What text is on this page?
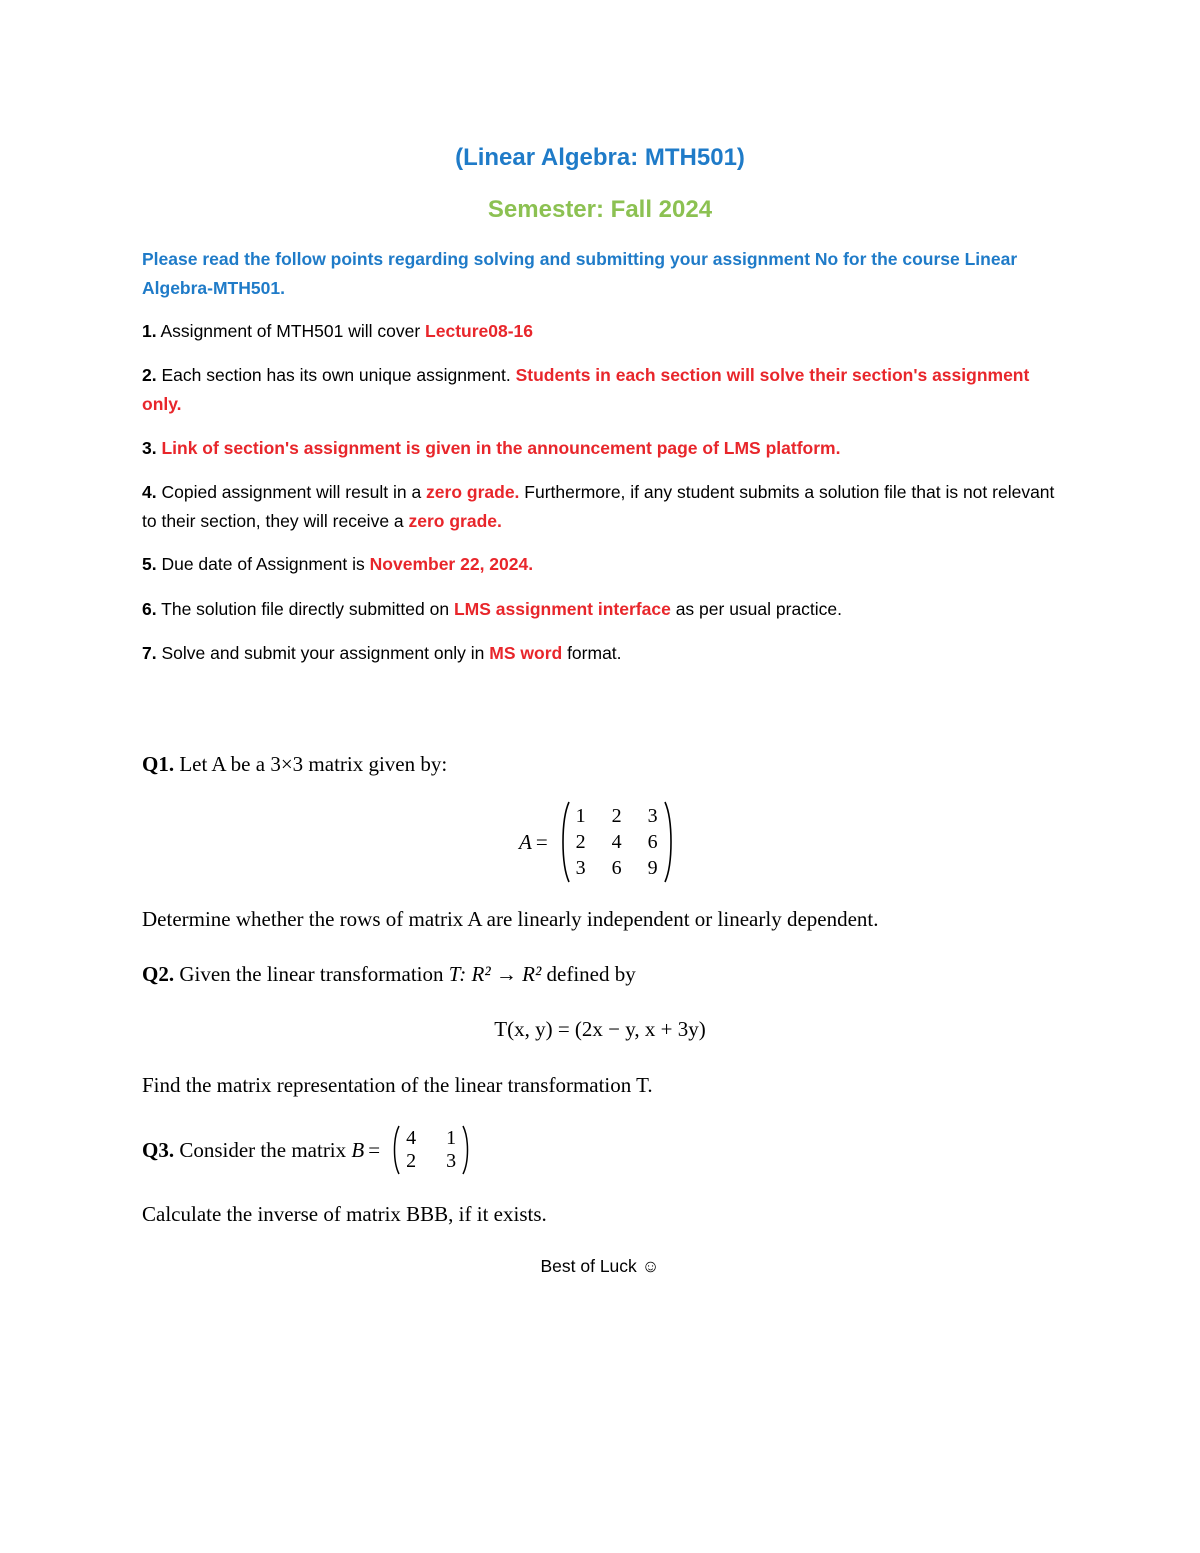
(Linear Algebra: MTH501)
Semester: Fall 2024
Please read the follow points regarding solving and submitting your assignment No for the course Linear Algebra-MTH501.
1. Assignment of MTH501 will cover Lecture08-16
2. Each section has its own unique assignment. Students in each section will solve their section's assignment only.
3. Link of section's assignment is given in the announcement page of LMS platform.
4. Copied assignment will result in a zero grade. Furthermore, if any student submits a solution file that is not relevant to their section, they will receive a zero grade.
5. Due date of Assignment is November 22, 2024.
6. The solution file directly submitted on LMS assignment interface as per usual practice.
7. Solve and submit your assignment only in MS word format.
Q1. Let A be a 3×3 matrix given by:
A =
1 2 3
2 4 6
3 6 9
Determine whether the rows of matrix A are linearly independent or linearly dependent.
Q2. Given the linear transformation T: R² → R² defined by
T(x, y) = (2x − y, x + 3y)
Find the matrix representation of the linear transformation T.
Q3. Consider the matrix B = 4 1
2 3
Calculate the inverse of matrix BBB, if it exists.
Best of Luck ☺
